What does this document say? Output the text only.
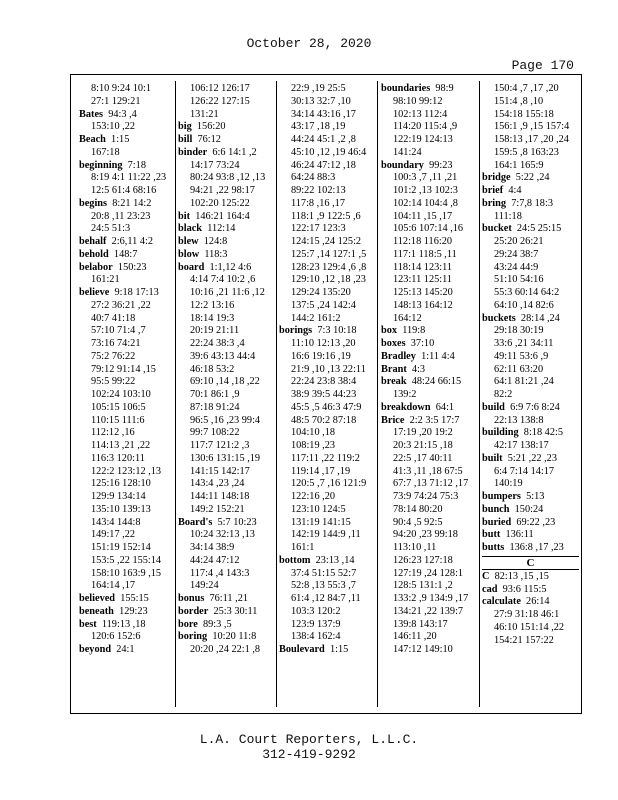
October 28, 2020
Page 170
8:10 9:24 10:1
27:1 129:21
Bates 94:3 ,4
153:10 ,22
Beach 1:15
167:18
beginning 7:18
8:19 4:1 11:22 ,23
12:5 61:4 68:16
begins 8:21 14:2
20:8 ,11 23:23
24:5 51:3
behalf 2:6,11 4:2
behold 148:7
belabor 150:23
161:21
believe 9:18 17:13
27:2 36:21 ,22
40:7 41:18
57:10 71:4 ,7
73:16 74:21
75:2 76:22
79:12 91:14 ,15
95:5 99:22
102:24 103:10
105:15 106:5
110:15 111:6
112:12 ,16
114:13 ,21 ,22
116:3 120:11
122:2 123:12 ,13
125:16 128:10
129:9 134:14
135:10 139:13
143:4 144:8
149:17 ,22
151:19 152:14
153:5 ,22 155:14
158:10 163:9 ,15
164:14 ,17
believed 155:15
beneath 129:23
best 119:13 ,18
120:6 152:6
beyond 24:1
106:12 126:17
126:22 127:15
131:21
big 156:20
bill 76:12
binder 6:6 14:1 ,2
14:17 73:24
80:24 93:8 ,12 ,13
94:21 ,22 98:17
102:20 125:22
bit 146:21 164:4
black 112:14
blew 124:8
blow 118:3
board 1:1,12 4:6
4:14 7:4 10:2 ,6
10:16 ,21 11:6 ,12
12:2 13:16
18:14 19:3
20:19 21:11
22:24 38:3 ,4
39:6 43:13 44:4
46:18 53:2
69:10 ,14 ,18 ,22
70:1 86:1 ,9
87:18 91:24
96:5 ,16 ,23 99:4
99:7 108:22
117:7 121:2 ,3
130:6 131:15 ,19
141:15 142:17
143:4 ,23 ,24
144:11 148:18
149:2 152:21
Board's 5:7 10:23
10:24 32:13 ,13
34:14 38:9
44:24 47:12
117:4 ,4 143:3
149:24
bonus 76:11 ,21
border 25:3 30:11
bore 89:3 ,5
boring 10:20 11:8
20:20 ,24 22:1 ,8
22:9 ,19 25:5
30:13 32:7 ,10
34:14 43:16 ,17
43:17 ,18 ,19
44:24 45:1 ,2 ,8
45:10 ,12 ,19 46:4
46:24 47:12 ,18
64:24 88:3
89:22 102:13
117:8 ,16 ,17
118:1 ,9 122:5 ,6
122:17 123:3
124:15 ,24 125:2
125:7 ,14 127:1 ,5
128:23 129:4 ,6 ,8
129:10 ,12 ,18 ,23
129:24 135:20
137:5 ,24 142:4
144:2 161:2
borings 7:3 10:18
11:10 12:13 ,20
16:6 19:16 ,19
21:9 ,10 ,13 22:11
22:24 23:8 38:4
38:9 39:5 44:23
45:5 ,5 46:3 47:9
48:5 70:2 87:18
104:10 ,18
108:19 ,23
117:11 ,22 119:2
119:14 ,17 ,19
120:5 ,7 ,16 121:9
122:16 ,20
123:10 124:5
131:19 141:15
142:19 144:9 ,11
161:1
bottom 23:13 ,14
37:4 51:15 52:7
52:8 ,13 55:3 ,7
61:4 ,12 84:7 ,11
103:3 120:2
123:9 137:9
138:4 162:4
Boulevard 1:15
boundaries 98:9
98:10 99:12
102:13 112:4
114:20 115:4 ,9
122:19 124:13
141:24
boundary 99:23
100:3 ,7 ,11 ,21
101:2 ,13 102:3
102:14 104:4 ,8
104:11 ,15 ,17
105:6 107:14 ,16
112:18 116:20
117:1 118:5 ,11
118:14 123:11
123:11 125:11
125:13 145:20
148:13 164:12
164:12
box 119:8
boxes 37:10
Bradley 1:11 4:4
Brant 4:3
break 48:24 66:15
139:2
breakdown 64:1
Brice 2:2 3:5 17:7
17:19 ,20 19:2
20:3 21:15 ,18
22:5 ,17 40:11
41:3 ,11 ,18 67:5
67:7 ,13 71:12 ,17
73:9 74:24 75:3
78:14 80:20
90:4 ,5 92:5
94:20 ,23 99:18
113:10 ,11
126:23 127:18
127:19 ,24 128:1
128:5 131:1 ,2
133:2 ,9 134:9 ,17
134:21 ,22 139:7
139:8 143:17
146:11 ,20
147:12 149:10
150:4 ,7 ,17 ,20
151:4 ,8 ,10
154:18 155:18
156:1 ,9 ,15 157:4
158:13 ,17 ,20 ,24
159:5 ,8 163:23
164:1 165:9
bridge 5:22 ,24
brief 4:4
bring 7:7,8 18:3
111:18
bucket 24:5 25:15
25:20 26:21
29:24 38:7
43:24 44:9
51:10 54:16
55:3 60:14 64:2
64:10 ,14 82:6
buckets 28:14 ,24
29:18 30:19
33:6 ,21 34:11
49:11 53:6 ,9
62:11 63:20
64:1 81:21 ,24
82:2
build 6:9 7:6 8:24
22:13 138:8
building 8:18 42:5
42:17 138:17
built 5:21 ,22 ,23
6:4 7:14 14:17
140:19
bumpers 5:13
bunch 150:24
buried 69:22 ,23
butt 136:11
butts 136:8 ,17 ,23
C
C 82:13 ,15 ,15
cad 93:6 115:5
calculate 26:14
27:9 31:18 46:1
46:10 151:14 ,22
154:21 157:22
L.A. Court Reporters, L.L.C.
312-419-9292
